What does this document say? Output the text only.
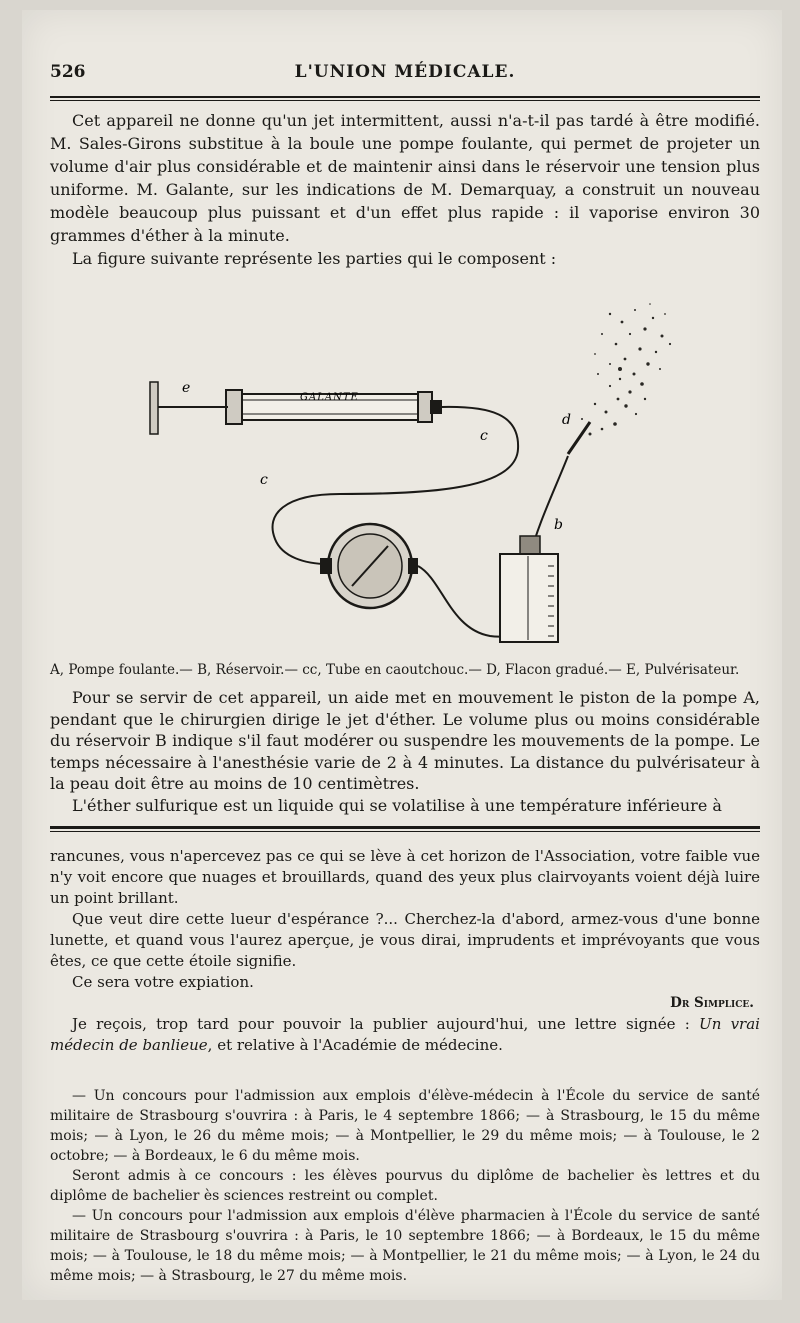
526	L'UNION MÉDICALE.

Cet appareil ne donne qu'un jet intermittent, aussi n'a-t-il pas tardé à être modifié. M. Sales-Girons substitue à la boule une pompe foulante, qui permet de projeter un volume d'air plus considérable et de maintenir ainsi dans le réservoir une tension plus uniforme. M. Galante, sur les indications de M. Demarquay, a construit un nouveau modèle beaucoup plus puissant et d'un effet plus rapide : il vaporise environ 30 grammes d'éther à la minute.

La figure suivante représente les parties qui le composent :

e
GALANTE
c
c
d
b
A, Pompe foulante.— B, Réservoir.— cc, Tube en caoutchouc.— D, Flacon gradué.— E, Pulvérisateur.

Pour se servir de cet appareil, un aide met en mouvement le piston de la pompe A, pendant que le chirurgien dirige le jet d'éther. Le volume plus ou moins considérable du réservoir B indique s'il faut modérer ou suspendre les mouvements de la pompe. Le temps nécessaire à l'anesthésie varie de 2 à 4 minutes. La distance du pulvérisateur à la peau doit être au moins de 10 centimètres.

L'éther sulfurique est un liquide qui se volatilise à une température inférieure à

rancunes, vous n'apercevez pas ce qui se lève à cet horizon de l'Association, votre faible vue n'y voit encore que nuages et brouillards, quand des yeux plus clairvoyants voient déjà luire un point brillant.

Que veut dire cette lueur d'espérance ?... Cherchez-la d'abord, armez-vous d'une bonne lunette, et quand vous l'aurez aperçue, je vous dirai, imprudents et imprévoyants que vous êtes, ce que cette étoile signifie.

Ce sera votre expiation.

Dr Simplice.

Je reçois, trop tard pour pouvoir la publier aujourd'hui, une lettre signée : Un vrai médecin de banlieue, et relative à l'Académie de médecine.

— Un concours pour l'admission aux emplois d'élève-médecin à l'École du service de santé militaire de Strasbourg s'ouvrira : à Paris, le 4 septembre 1866; — à Strasbourg, le 15 du même mois; — à Lyon, le 26 du même mois; — à Montpellier, le 29 du même mois; — à Toulouse, le 2 octobre; — à Bordeaux, le 6 du même mois.

Seront admis à ce concours : les élèves pourvus du diplôme de bachelier ès lettres et du diplôme de bachelier ès sciences restreint ou complet.

— Un concours pour l'admission aux emplois d'élève pharmacien à l'École du service de santé militaire de Strasbourg s'ouvrira : à Paris, le 10 septembre 1866; — à Bordeaux, le 15 du même mois; — à Toulouse, le 18 du même mois; — à Montpellier, le 21 du même mois; — à Lyon, le 24 du même mois; — à Strasbourg, le 27 du même mois.
